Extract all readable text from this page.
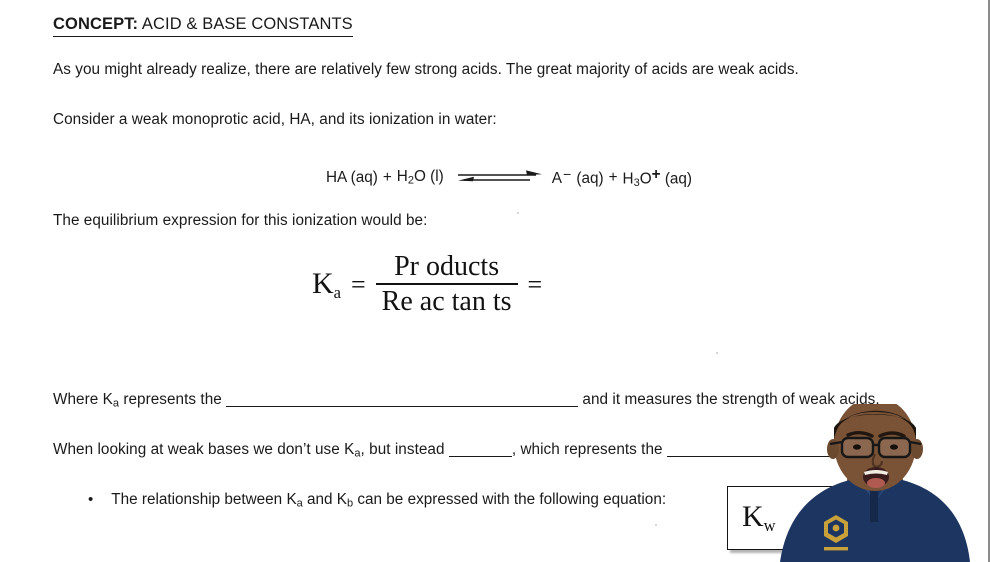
CONCEPT: ACID & BASE CONSTANTS
As you might already realize, there are relatively few strong acids. The great majority of acids are weak acids.
Consider a weak monoprotic acid, HA, and its ionization in water:
HA $(aq) + H_2O$ (l)	$A- (aq) + H_3O+ (aq)$
The equilibrium expression for this ionization would be:
$K_a = \frac{\text{Pr oducts}}{\text{Re ac tan ts}}$ =
Where $K_a$ represents the	and it measures the strength of weak acids.
When looking at weak bases we don’t use $K_a$, but instead	, which represents the
• The relationship between $K_a$ and $K_b$ can be expressed with the following equation:
$K_w$
